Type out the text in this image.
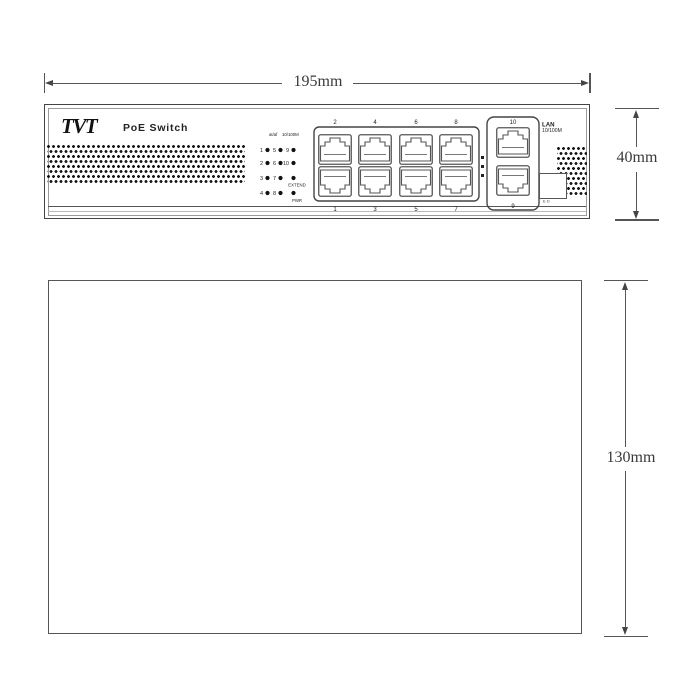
195mm
TVT	PoE Switch
at/af 10/100M
1 5 9
2 6 10
3 7
EXTEND
4 8
PWR
2	4	6	8
1	3	5	7
10
9
LAN
10/100M
E D
40mm
130mm
